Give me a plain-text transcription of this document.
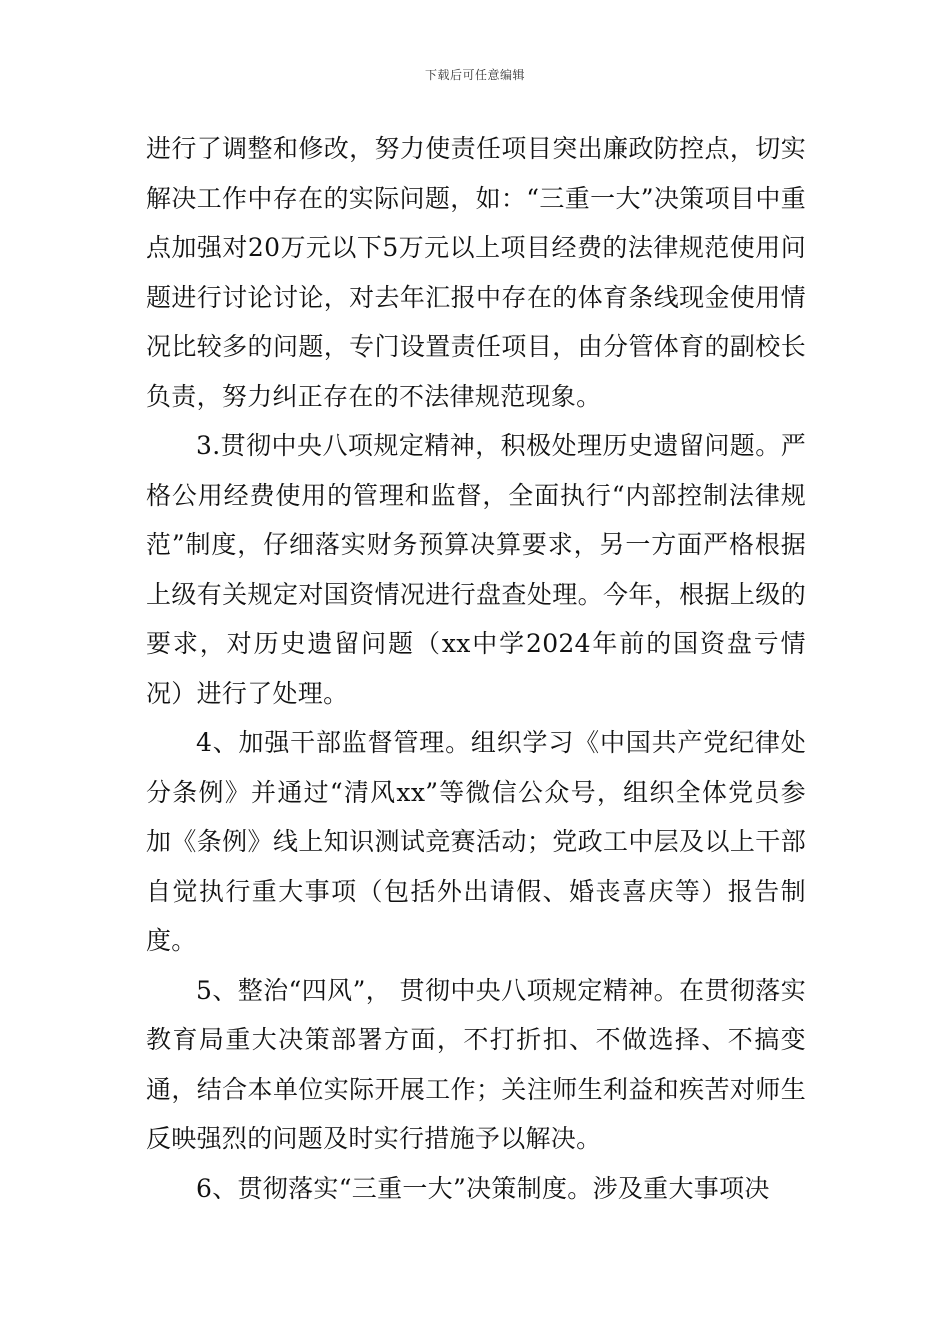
下载后可任意编辑

进行了调整和修改，努力使责任项目突出廉政防控点，切实解决工作中存在的实际问题，如：“三重一大”决策项目中重点加强对20万元以下5万元以上项目经费的法律规范使用问题进行讨论讨论，对去年汇报中存在的体育条线现金使用情况比较多的问题，专门设置责任项目，由分管体育的副校长负责，努力纠正存在的不法律规范现象。

3.贯彻中央八项规定精神，积极处理历史遗留问题。严格公用经费使用的管理和监督，全面执行“内部控制法律规范”制度，仔细落实财务预算决算要求，另一方面严格根据上级有关规定对国资情况进行盘查处理。今年，根据上级的要求，对历史遗留问题（xx中学2024年前的国资盘亏情况）进行了处理。

4、加强干部监督管理。组织学习《中国共产党纪律处分条例》并通过“清风xx”等微信公众号，组织全体党员参加《条例》线上知识测试竞赛活动；党政工中层及以上干部自觉执行重大事项（包括外出请假、婚丧喜庆等）报告制度。

5、整治“四风”， 贯彻中央八项规定精神。在贯彻落实教育局重大决策部署方面，不打折扣、不做选择、不搞变通，结合本单位实际开展工作；关注师生利益和疾苦对师生反映强烈的问题及时实行措施予以解决。

6、贯彻落实“三重一大”决策制度。涉及重大事项决
